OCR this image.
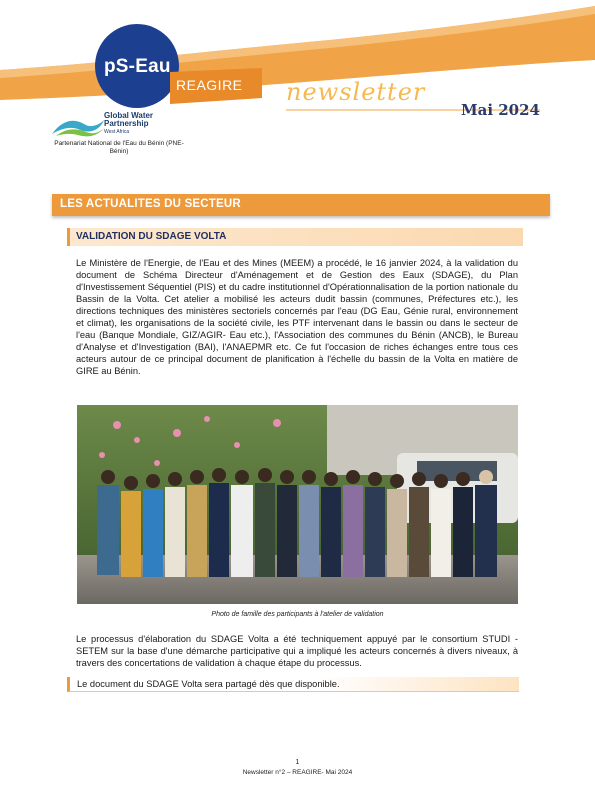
pS-Eau
REAGIRE newsletter
Mai 2024
Global Water Partnership
West Africa
Partenariat National de l'Eau du Bénin (PNE-Bénin)
LES ACTUALITES DU SECTEUR
VALIDATION DU SDAGE VOLTA

Le Ministère de l'Energie, de l'Eau et des Mines (MEEM) a procédé, le 16 janvier 2024, à la validation du document de Schéma Directeur d'Aménagement et de Gestion des Eaux (SDAGE), du Plan d'Investissement Séquentiel (PIS) et du cadre institutionnel d'Opérationnalisation de la portion nationale du Bassin de la Volta. Cet atelier a mobilisé les acteurs dudit bassin (communes, Préfectures etc.), les directions techniques des ministères sectoriels concernés par l'eau (DG Eau, Génie rural, environnement et climat), les organisations de la société civile, les PTF intervenant dans le bassin ou dans le secteur de l'eau (Banque Mondiale, GIZ/AGIR- Eau etc.), l'Association des communes du Bénin (ANCB), le Bureau d'Analyse et d'Investigation (BAI), l'ANAEPMR etc. Ce fut l'occasion de riches échanges entre tous ces acteurs autour de ce principal document de planification à l'échelle du bassin de la Volta en matière de GIRE au Bénin.

Photo de famille des participants à l'atelier de validation

Le processus d'élaboration du SDAGE Volta a été techniquement appuyé par le consortium STUDI -SETEM sur la base d'une démarche participative qui a impliqué les acteurs concernés à divers niveaux, à travers des concertations de validation à chaque étape du processus.

Le document du SDAGE Volta sera partagé dès que disponible.
1
Newsletter n°2 – REAGIRE- Mai 2024
